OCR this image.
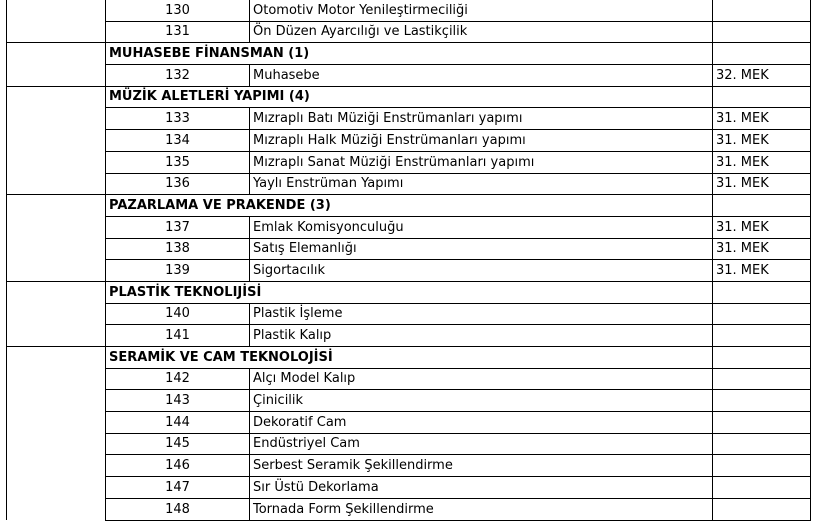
	130	Otomotiv Motor Yenileştirmeciliği	
	131	Ön Düzen Ayarcılığı ve Lastikçilik	
	MUHASEBE FİNANSMAN (1)		
	132	Muhasebe	32. MEK
	MÜZİK ALETLERİ YAPIMI (4)		
	133	Mızraplı Batı Müziği Enstrümanları yapımı	31. MEK
	134	Mızraplı Halk Müziği Enstrümanları yapımı	31. MEK
	135	Mızraplı Sanat Müziği Enstrümanları yapımı	31. MEK
	136	Yaylı Enstrüman Yapımı	31. MEK
	PAZARLAMA VE PRAKENDE (3)		
	137	Emlak Komisyonculuğu	31. MEK
	138	Satış Elemanlığı	31. MEK
	139	Sigortacılık	31. MEK
	PLASTİK TEKNOLIJİSİ		
	140	Plastik İşleme	
	141	Plastik Kalıp	
	SERAMİK VE CAM TEKNOLOJİSİ		
	142	Alçı Model Kalıp	
	143	Çinicilik	
	144	Dekoratif Cam	
	145	Endüstriyel Cam	
	146	Serbest Seramik Şekillendirme	
	147	Sır Üstü Dekorlama	
	148	Tornada Form Şekillendirme	
